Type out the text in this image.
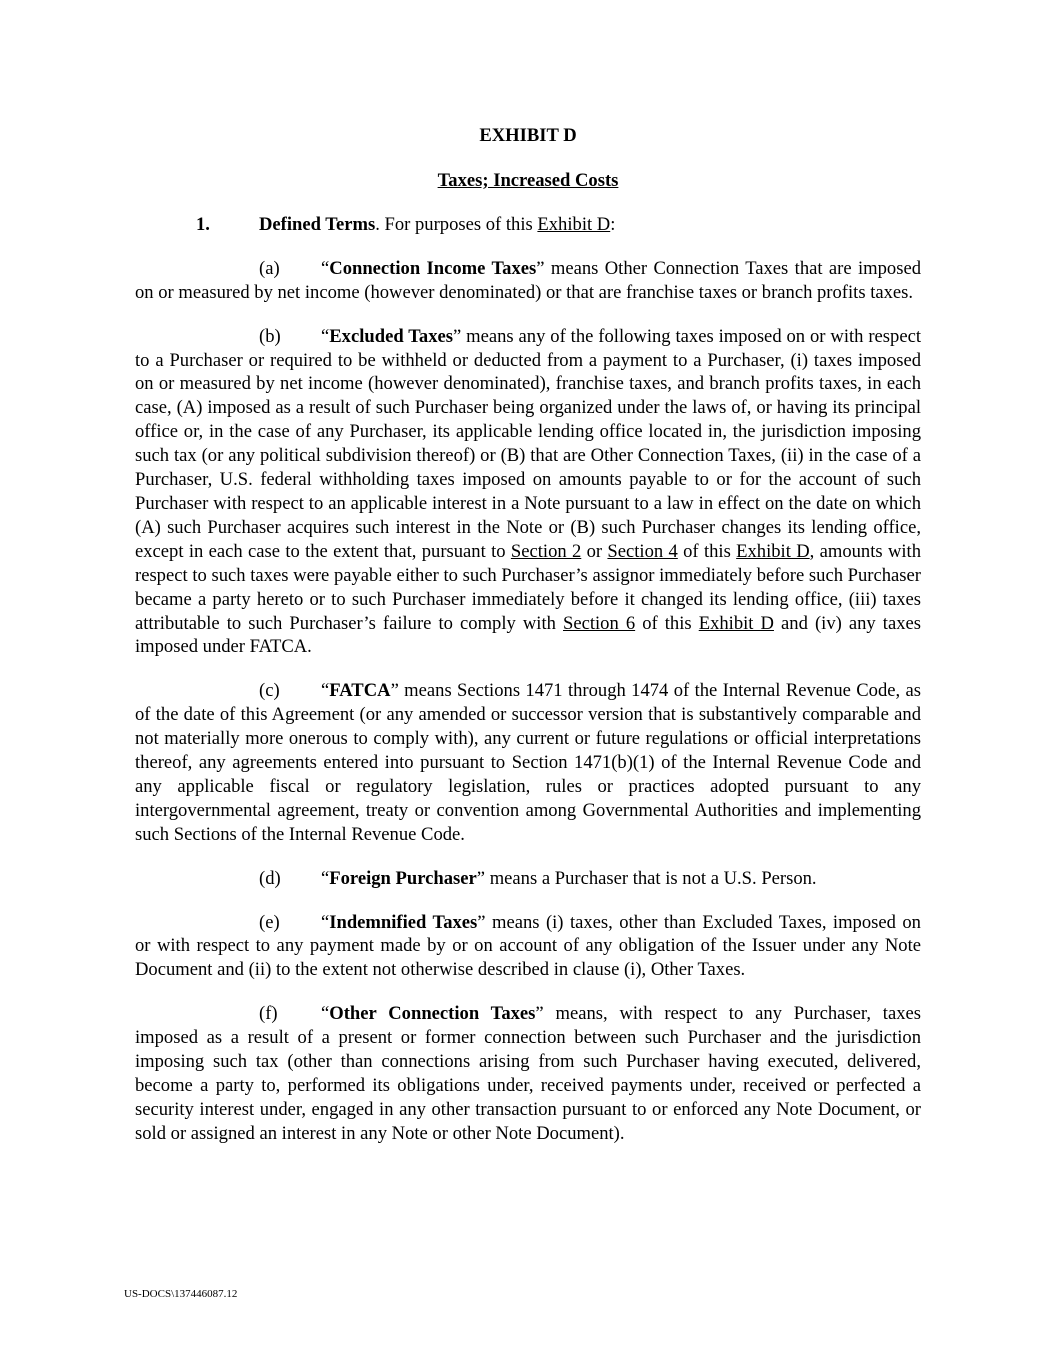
EXHIBIT D
Taxes; Increased Costs
1.	Defined Terms. For purposes of this Exhibit D:

(a) “Connection Income Taxes” means Other Connection Taxes that are imposed on or measured by net income (however denominated) or that are franchise taxes or branch profits taxes.

(b) “Excluded Taxes” means any of the following taxes imposed on or with respect to a Purchaser or required to be withheld or deducted from a payment to a Purchaser, (i) taxes imposed on or measured by net income (however denominated), franchise taxes, and branch profits taxes, in each case, (A) imposed as a result of such Purchaser being organized under the laws of, or having its principal office or, in the case of any Purchaser, its applicable lending office located in, the jurisdiction imposing such tax (or any political subdivision thereof) or (B) that are Other Connection Taxes, (ii) in the case of a Purchaser, U.S. federal withholding taxes imposed on amounts payable to or for the account of such Purchaser with respect to an applicable interest in a Note pursuant to a law in effect on the date on which (A) such Purchaser acquires such interest in the Note or (B) such Purchaser changes its lending office, except in each case to the extent that, pursuant to Section 2 or Section 4 of this Exhibit D, amounts with respect to such taxes were payable either to such Purchaser’s assignor immediately before such Purchaser became a party hereto or to such Purchaser immediately before it changed its lending office, (iii) taxes attributable to such Purchaser’s failure to comply with Section 6 of this Exhibit D and (iv) any taxes imposed under FATCA.

(c) “FATCA” means Sections 1471 through 1474 of the Internal Revenue Code, as of the date of this Agreement (or any amended or successor version that is substantively comparable and not materially more onerous to comply with), any current or future regulations or official interpretations thereof, any agreements entered into pursuant to Section 1471(b)(1) of the Internal Revenue Code and any applicable fiscal or regulatory legislation, rules or practices adopted pursuant to any intergovernmental agreement, treaty or convention among Governmental Authorities and implementing such Sections of the Internal Revenue Code.

(d) “Foreign Purchaser” means a Purchaser that is not a U.S. Person.

(e) “Indemnified Taxes” means (i) taxes, other than Excluded Taxes, imposed on or with respect to any payment made by or on account of any obligation of the Issuer under any Note Document and (ii) to the extent not otherwise described in clause (i), Other Taxes.

(f) “Other Connection Taxes” means, with respect to any Purchaser, taxes imposed as a result of a present or former connection between such Purchaser and the jurisdiction imposing such tax (other than connections arising from such Purchaser having executed, delivered, become a party to, performed its obligations under, received payments under, received or perfected a security interest under, engaged in any other transaction pursuant to or enforced any Note Document, or sold or assigned an interest in any Note or other Note Document).

US-DOCS\137446087.12
